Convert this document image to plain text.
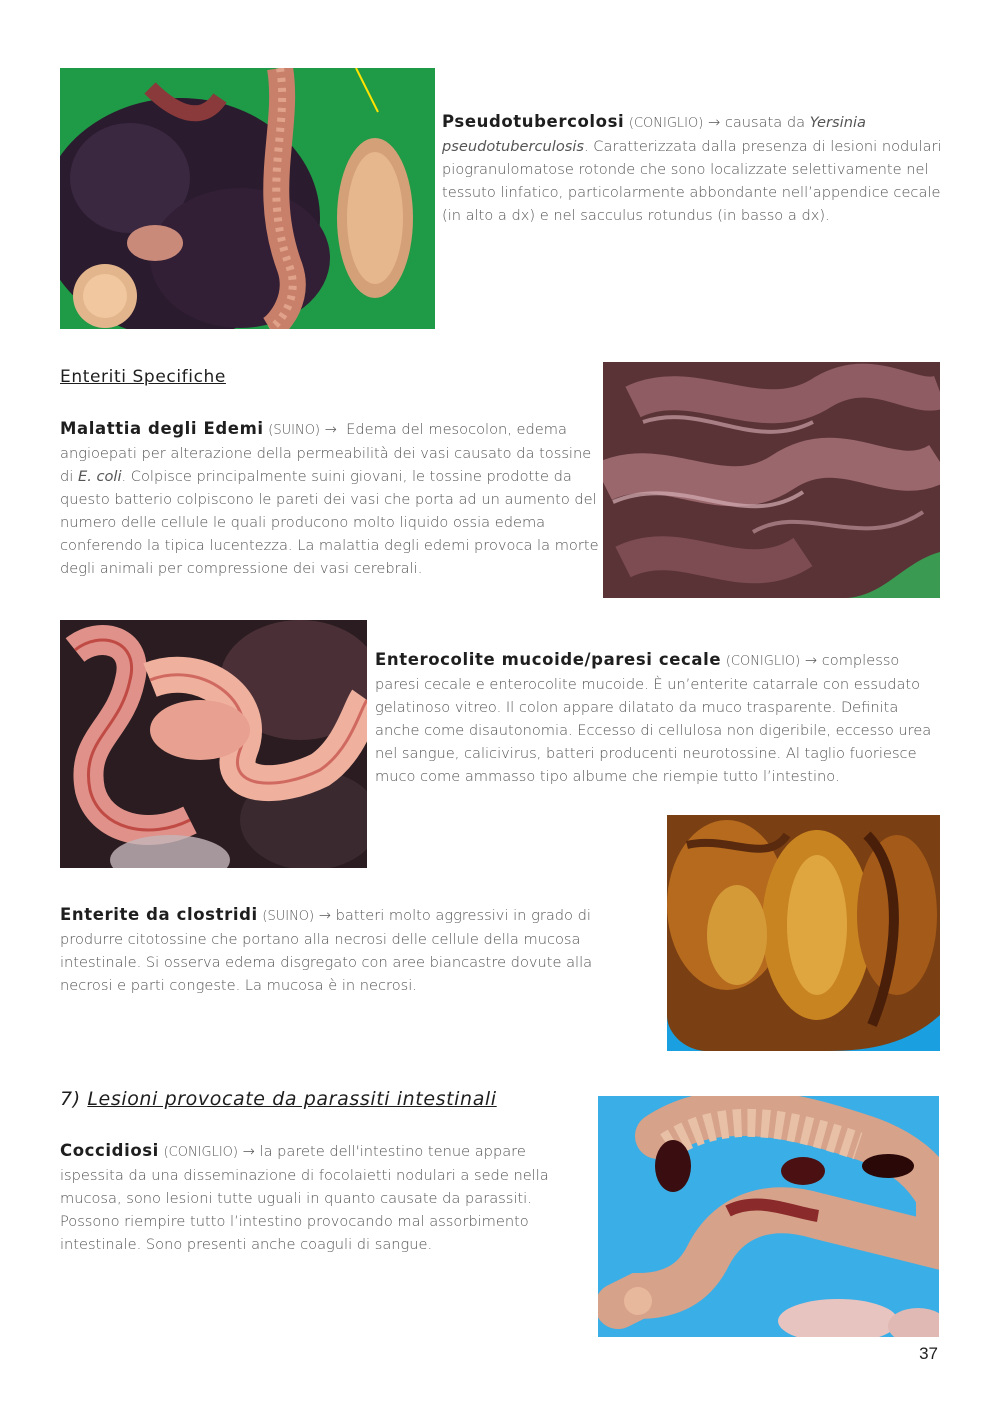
Pseudotubercolosi (CONIGLIO) → causata da Yersinia pseudotuberculosis. Caratterizzata dalla presenza di lesioni nodulari piogranulomatose rotonde che sono localizzate selettivamente nel tessuto linfatico, particolarmente abbondante nell’appendice cecale (in alto a dx) e nel sacculus rotundus (in basso a dx).

Enteriti Specifiche

Malattia degli Edemi (SUINO) → Edema del mesocolon, edema angioepati per alterazione della permeabilità dei vasi causato da tossine di E. coli. Colpisce principalmente suini giovani, le tossine prodotte da questo batterio colpiscono le pareti dei vasi che porta ad un aumento del numero delle cellule le quali producono molto liquido ossia edema conferendo la tipica lucentezza. La malattia degli edemi provoca la morte degli animali per compressione dei vasi cerebrali.

Enterocolite mucoide/paresi cecale (CONIGLIO) → complesso paresi cecale e enterocolite mucoide. È un’enterite catarrale con essudato gelatinoso vitreo. Il colon appare dilatato da muco trasparente. Definita anche come disautonomia. Eccesso di cellulosa non digeribile, eccesso urea nel sangue, calicivirus, batteri producenti neurotossine. Al taglio fuoriesce muco come ammasso tipo albume che riempie tutto l’intestino.

Enterite da clostridi (SUINO) → batteri molto aggressivi in grado di produrre citotossine che portano alla necrosi delle cellule della mucosa intestinale. Si osserva edema disgregato con aree biancastre dovute alla necrosi e parti congeste. La mucosa è in necrosi.

7) Lesioni provocate da parassiti intestinali

Coccidiosi (CONIGLIO) → la parete dell'intestino tenue appare ispessita da una disseminazione di focolaietti nodulari a sede nella mucosa, sono lesioni tutte uguali in quanto causate da parassiti. Possono riempire tutto l’intestino provocando mal assorbimento intestinale. Sono presenti anche coaguli di sangue.

37
